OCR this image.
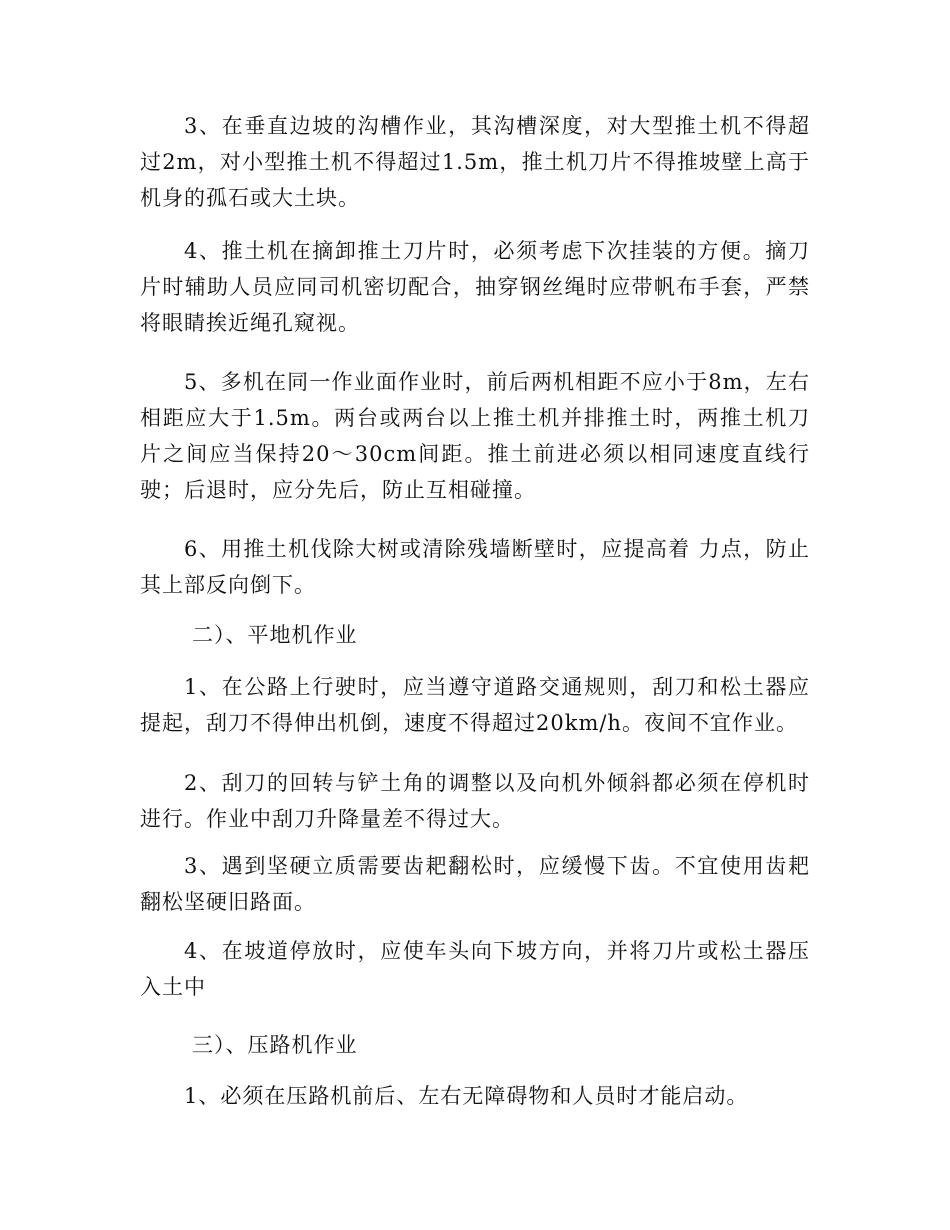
3、在垂直边坡的沟槽作业，其沟槽深度，对大型推土机不得超过2m，对小型推土机不得超过1.5m，推土机刀片不得推坡壁上高于机身的孤石或大土块。

4、推土机在摘卸推土刀片时，必须考虑下次挂装的方便。摘刀片时辅助人员应同司机密切配合，抽穿钢丝绳时应带帆布手套，严禁将眼睛挨近绳孔窥视。

5、多机在同一作业面作业时，前后两机相距不应小于8m，左右相距应大于1.5m。两台或两台以上推土机并排推土时，两推土机刀片之间应当保持20～30cm间距。推土前进必须以相同速度直线行驶；后退时，应分先后，防止互相碰撞。

6、用推土机伐除大树或清除残墙断壁时，应提高着 力点，防止其上部反向倒下。

二）、平地机作业

1、在公路上行驶时，应当遵守道路交通规则，刮刀和松土器应提起，刮刀不得伸出机倒，速度不得超过20km/h。夜间不宜作业。

2、刮刀的回转与铲土角的调整以及向机外倾斜都必须在停机时进行。作业中刮刀升降量差不得过大。

3、遇到坚硬立质需要齿耙翻松时，应缓慢下齿。不宜使用齿耙翻松坚硬旧路面。

4、在坡道停放时，应使车头向下坡方向，并将刀片或松土器压入土中

三）、压路机作业

1、必须在压路机前后、左右无障碍物和人员时才能启动。
